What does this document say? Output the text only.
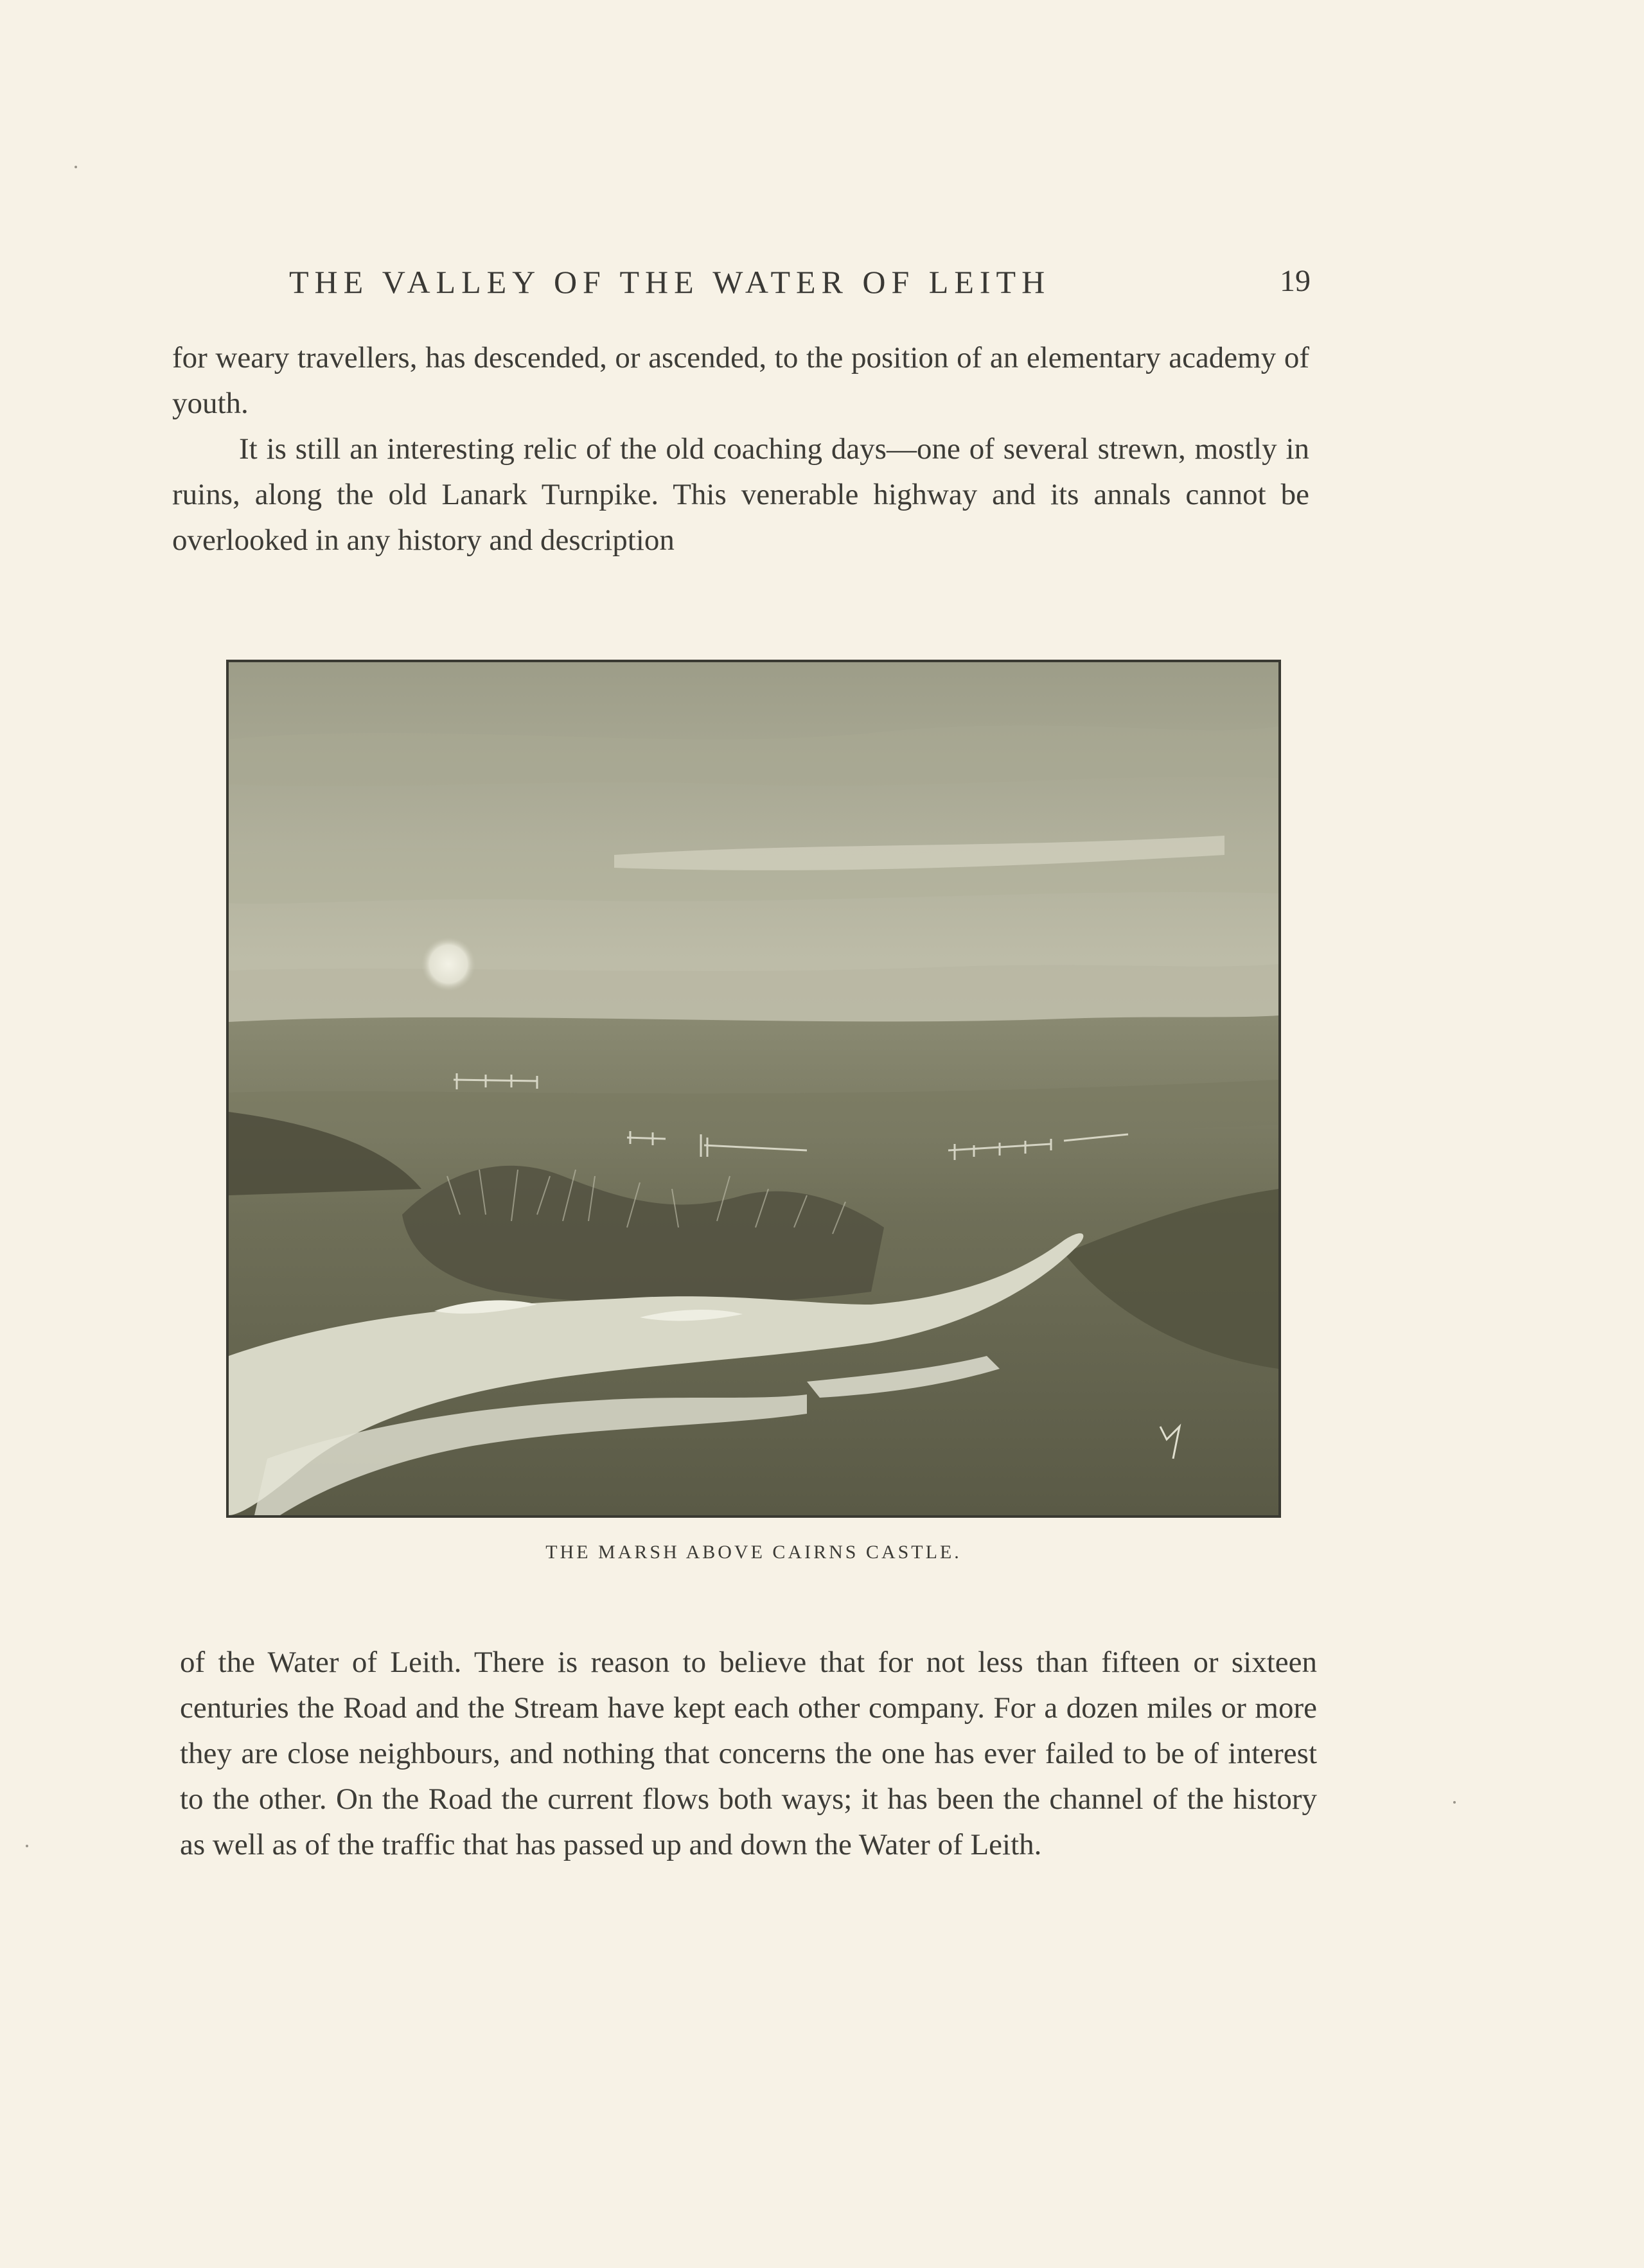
THE VALLEY OF THE WATER OF LEITH	19

for weary travellers, has descended, or ascended, to the position of an elementary academy of youth.

It is still an interesting relic of the old coaching days—one of several strewn, mostly in ruins, along the old Lanark Turnpike. This venerable highway and its annals cannot be overlooked in any history and description

THE MARSH ABOVE CAIRNS CASTLE.

of the Water of Leith. There is reason to believe that for not less than fifteen or sixteen centuries the Road and the Stream have kept each other company. For a dozen miles or more they are close neighbours, and nothing that concerns the one has ever failed to be of interest to the other. On the Road the current flows both ways; it has been the channel of the history as well as of the traffic that has passed up and down the Water of Leith.
